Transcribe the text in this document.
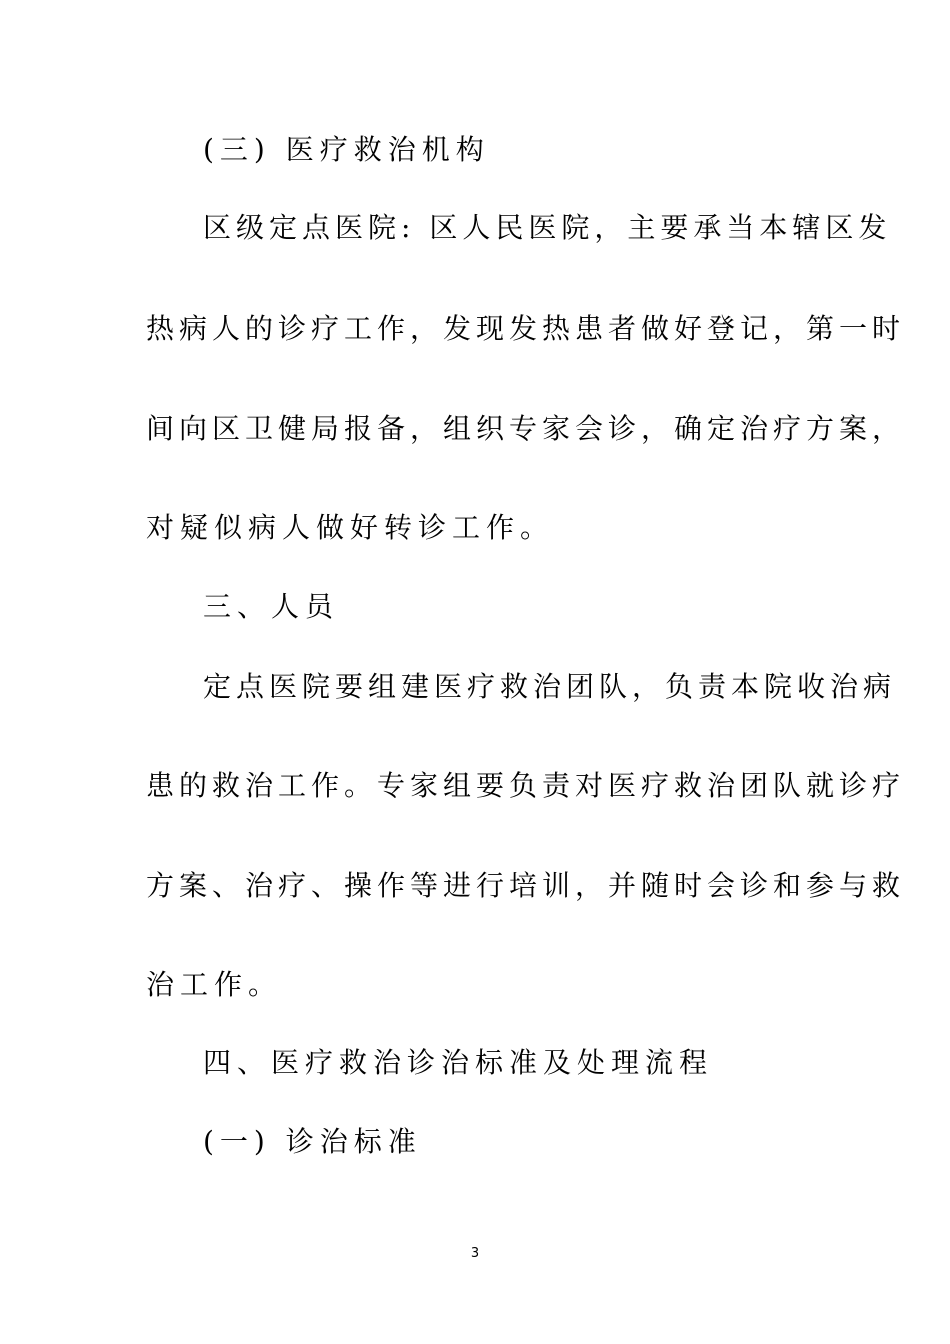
(三) 医疗救治机构
区级定点医院: 区人民医院，主要承当本辖区发
热病人的诊疗工作，发现发热患者做好登记，第一时
间向区卫健局报备，组织专家会诊，确定治疗方案，
对疑似病人做好转诊工作。
三、人员
定点医院要组建医疗救治团队，负责本院收治病
患的救治工作。专家组要负责对医疗救治团队就诊疗
方案、治疗、操作等进行培训，并随时会诊和参与救
治工作。
四、医疗救治诊治标准及处理流程
(一) 诊治标准
3
